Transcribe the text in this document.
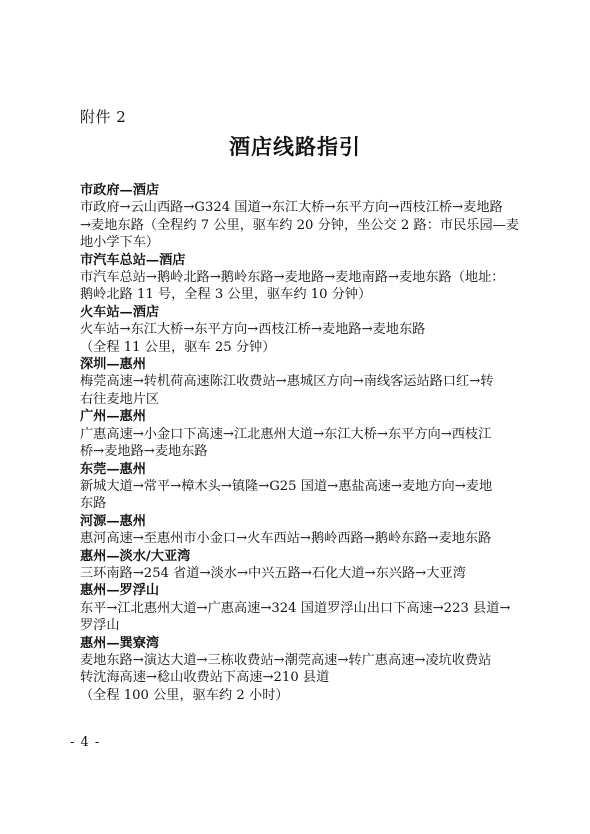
附件 2
酒店线路指引
市政府—酒店
市政府→云山西路→G324 国道→东江大桥→东平方向→西枝江桥→麦地路
→麦地东路（全程约 7 公里，驱车约 20 分钟，坐公交 2 路：市民乐园—麦
地小学下车）
市汽车总站—酒店
市汽车总站→鹅岭北路→鹅岭东路→麦地路→麦地南路→麦地东路（地址：
鹅岭北路 11 号，全程 3 公里，驱车约 10 分钟）
火车站—酒店
火车站→东江大桥→东平方向→西枝江桥→麦地路→麦地东路
（全程 11 公里，驱车 25 分钟）
深圳—惠州
梅莞高速→转机荷高速陈江收费站→惠城区方向→南线客运站路口红→转
右往麦地片区
广州—惠州
广惠高速→小金口下高速→江北惠州大道→东江大桥→东平方向→西枝江
桥→麦地路→麦地东路
东莞—惠州
新城大道→常平→樟木头→镇隆→G25 国道→惠盐高速→麦地方向→麦地
东路
河源—惠州
惠河高速→至惠州市小金口→火车西站→鹅岭西路→鹅岭东路→麦地东路
惠州—淡水/大亚湾
三环南路→254 省道→淡水→中兴五路→石化大道→东兴路→大亚湾
惠州—罗浮山
东平→江北惠州大道→广惠高速→324 国道罗浮山出口下高速→223 县道→
罗浮山
惠州—巽寮湾
麦地东路→演达大道→三栋收费站→潮莞高速→转广惠高速→凌坑收费站
转沈海高速→稔山收费站下高速→210 县道
（全程 100 公里，驱车约 2 小时）
- 4 -
